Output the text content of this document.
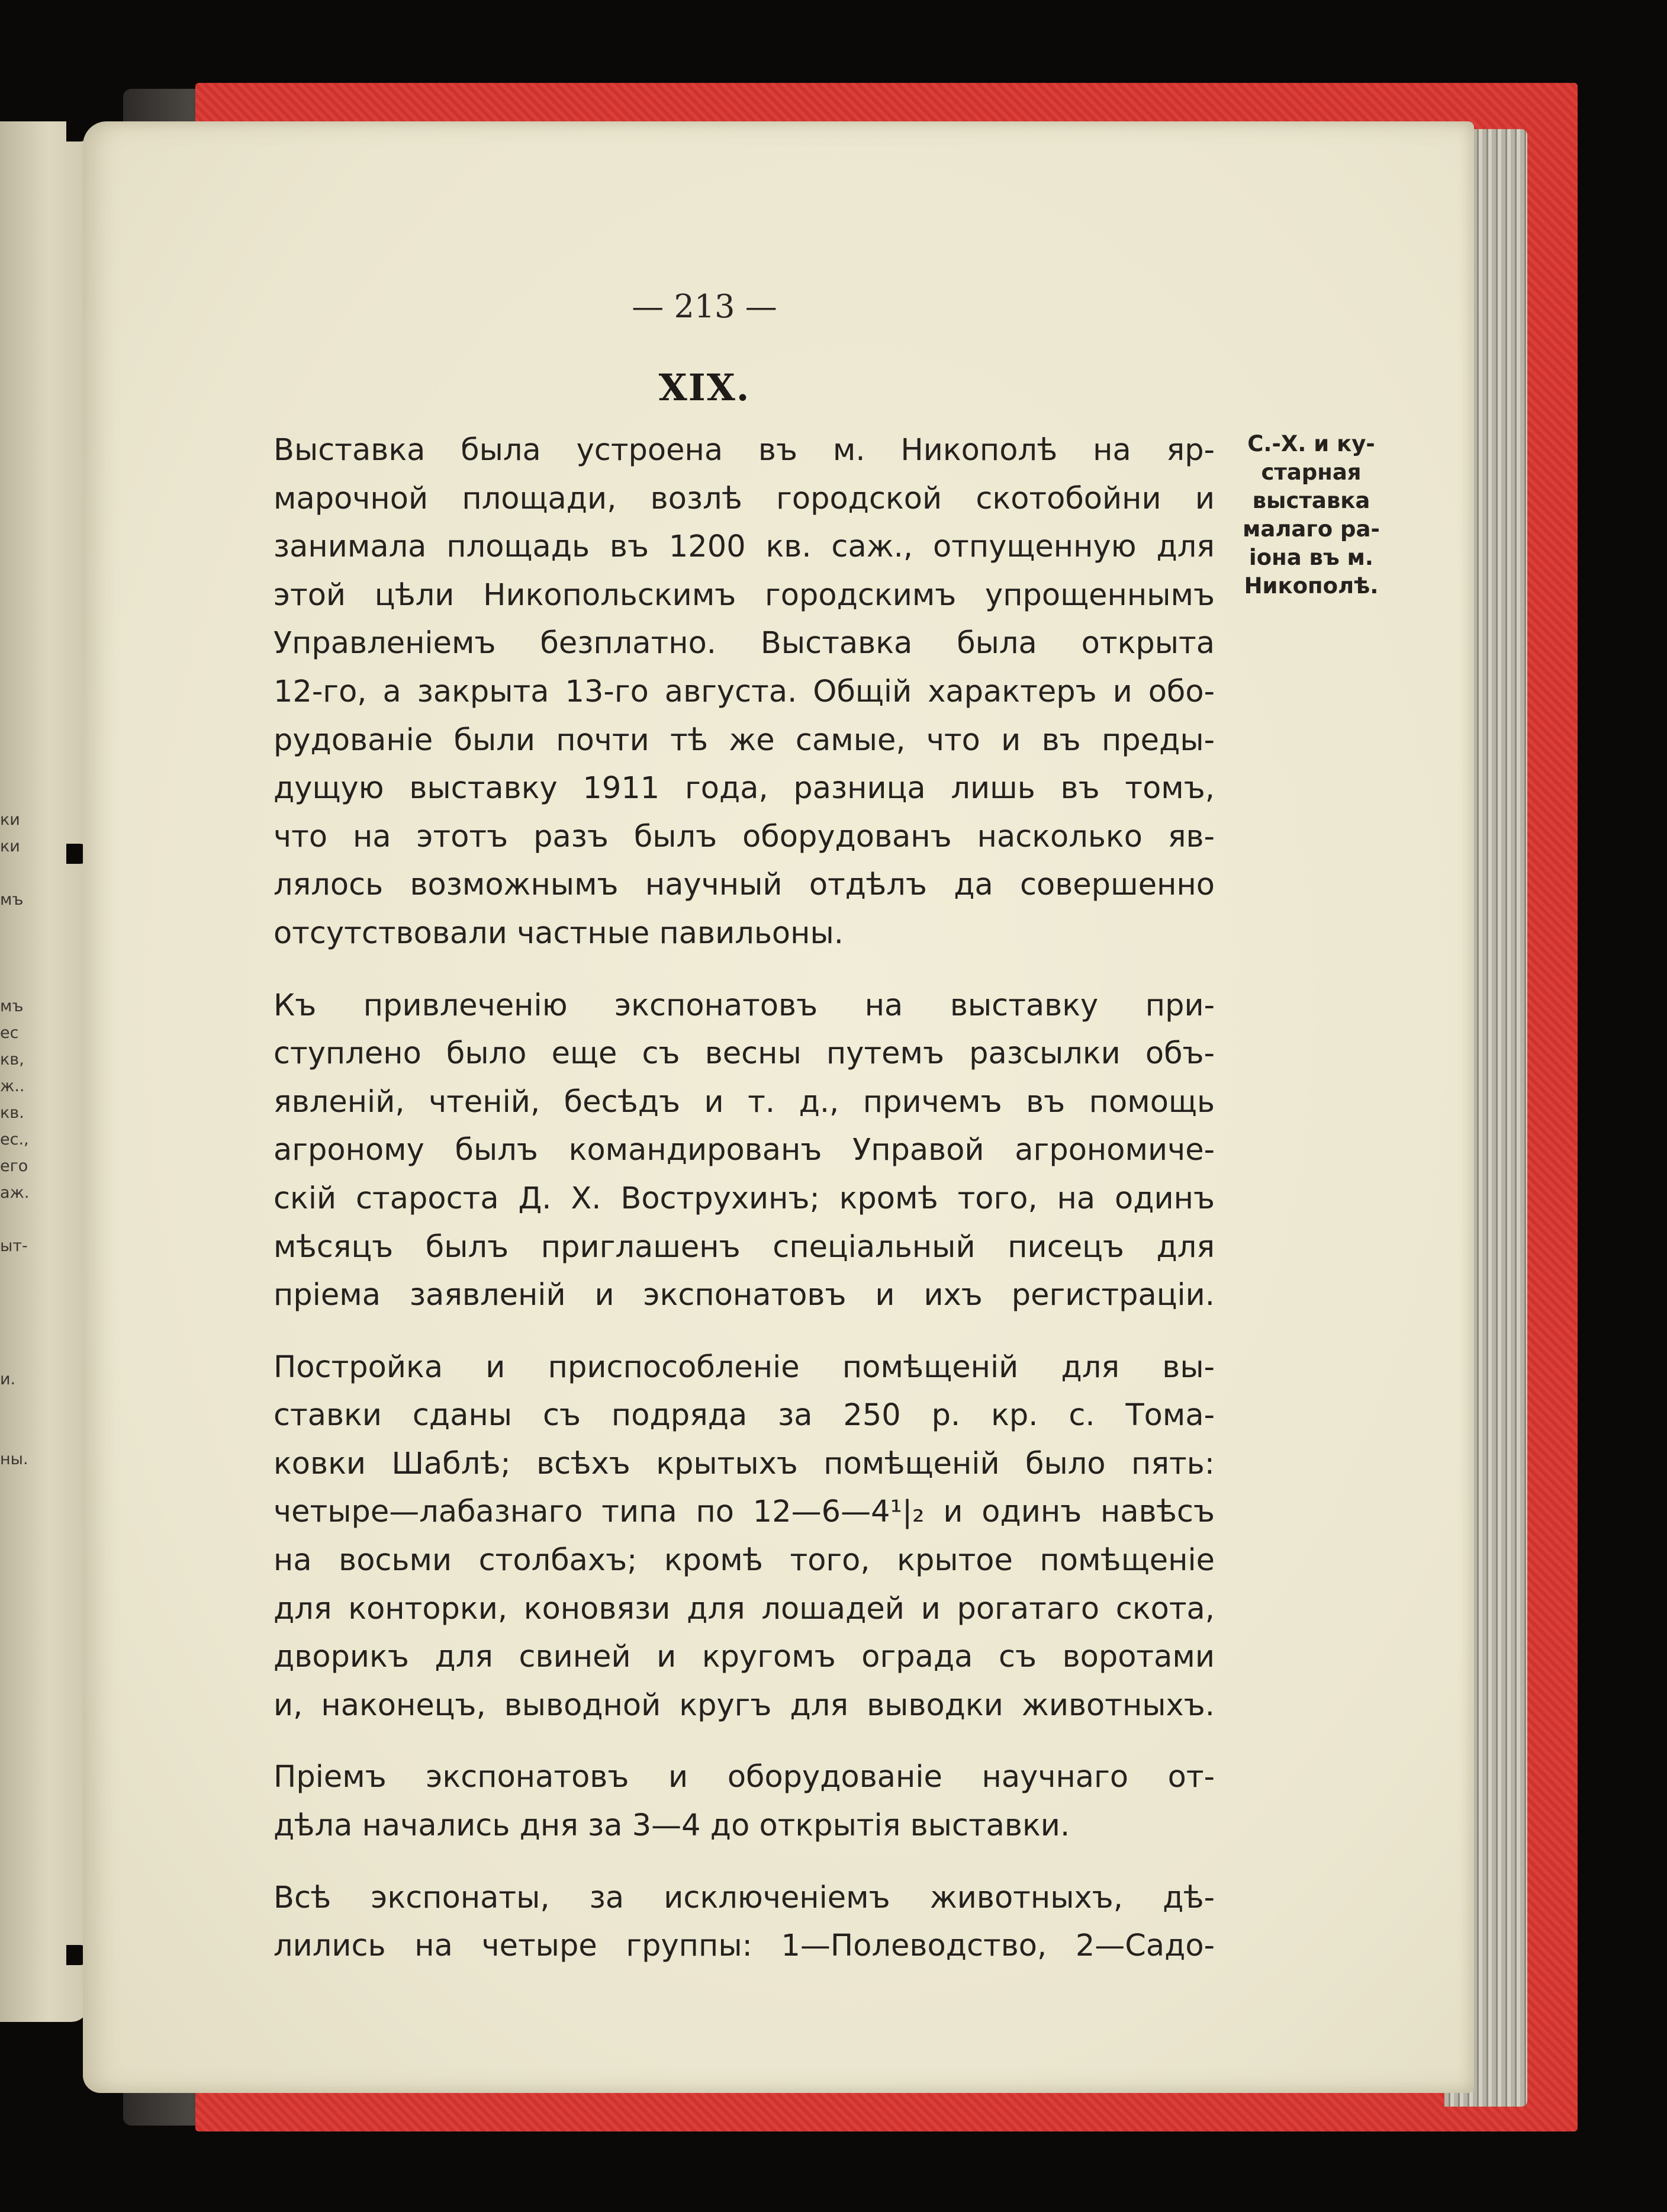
ки
ки
мъ
мъ
ес
кв,
ж..
кв.
ес.,
его
аж.
ыт-
и.
ны.
— 213 —
XIX.

Выставка была устроена въ м. Никополѣ на яр-
марочной площади, возлѣ городской скотобойни и
занимала площадь въ 1200 кв. саж., отпущенную для
этой цѣли Никопольскимъ городскимъ упрощеннымъ
Управленіемъ безплатно. Выставка была открыта
12-го, а закрыта 13-го августа. Общій характеръ и обо-
рудованіе были почти тѣ же самые, что и въ преды-
дущую выставку 1911 года, разница лишь въ томъ,
что на этотъ разъ былъ оборудованъ насколько яв-
лялось возможнымъ научный отдѣлъ да совершенно
отсутствовали частные павильоны.

Къ привлеченію экспонатовъ на выставку при-
ступлено было еще съ весны путемъ разсылки объ-
явленій, чтеній, бесѣдъ и т. д., причемъ въ помощь
агроному былъ командированъ Управой агрономиче-
скій староста Д. Х. Вострухинъ; кромѣ того, на одинъ
мѣсяцъ былъ приглашенъ спеціальный писецъ для
пріема заявленій и экспонатовъ и ихъ регистраціи.

Постройка и приспособленіе помѣщеній для вы-
ставки сданы съ подряда за 250 р. кр. с. Тома-
ковки Шаблѣ; всѣхъ крытыхъ помѣщеній было пять:
четыре—лабазнаго типа по 12—6—4¹|₂ и одинъ навѣсъ
на восьми столбахъ; кромѣ того, крытое помѣщеніе
для конторки, коновязи для лошадей и рогатаго скота,
дворикъ для свиней и кругомъ ограда съ воротами
и, наконецъ, выводной кругъ для выводки животныхъ.

Пріемъ экспонатовъ и оборудованіе научнаго от-
дѣла начались дня за 3—4 до открытія выставки.

Всѣ экспонаты, за исключеніемъ животныхъ, дѣ-
лились на четыре группы: 1—Полеводство, 2—Садо-

С.-Х. и ку-
старная
выставка
малаго ра-
іона въ м.
Никополѣ.
